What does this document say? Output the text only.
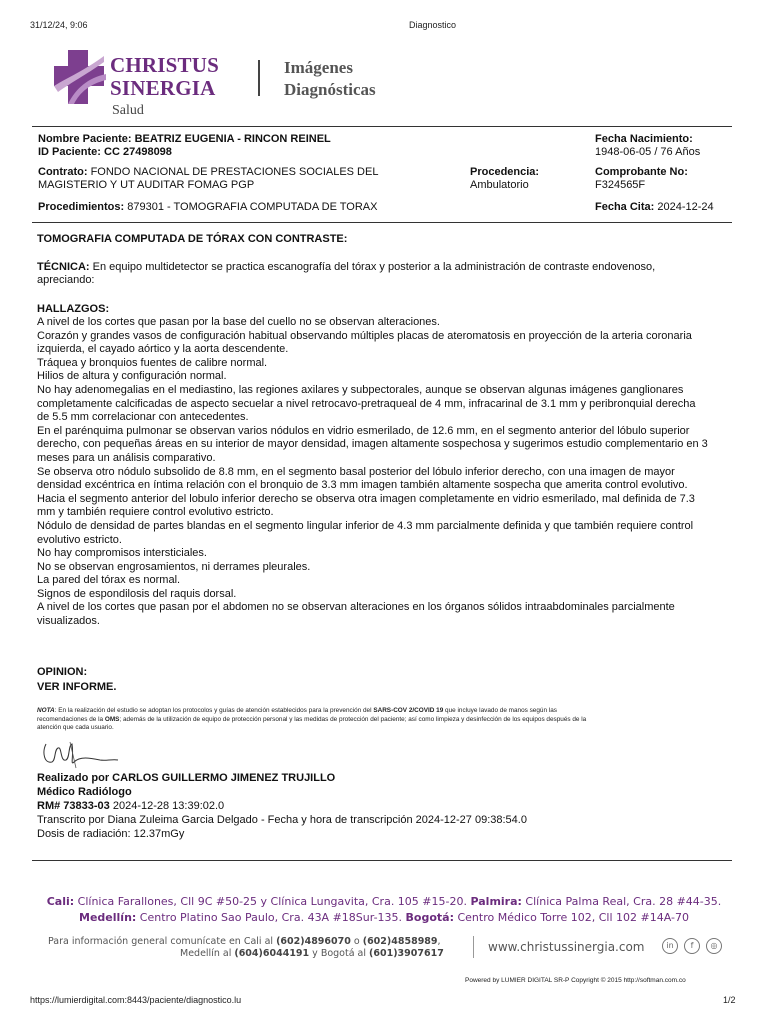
31/12/24, 9:06	Diagnostico
CHRISTUS
SINERGIA
Salud
Imágenes
Diagnósticas
Nombre Paciente: BEATRIZ EUGENIA - RINCON REINEL
ID Paciente: CC 27498098
Fecha Nacimiento:
1948-06-05 / 76 Años
Contrato: FONDO NACIONAL DE PRESTACIONES SOCIALES DEL
MAGISTERIO Y UT AUDITAR FOMAG PGP
Procedencia:
Ambulatorio
Comprobante No:
F324565F
Procedimientos: 879301 - TOMOGRAFIA COMPUTADA DE TORAX	Fecha Cita: 2024-12-24
TOMOGRAFIA COMPUTADA DE TÓRAX CON CONTRASTE:
TÉCNICA: En equipo multidetector se practica escanografía del tórax y posterior a la administración de contraste endovenoso,
apreciando:
HALLAZGOS:

A nivel de los cortes que pasan por la base del cuello no se observan alteraciones.

Corazón y grandes vasos de configuración habitual observando múltiples placas de ateromatosis en proyección de la arteria coronaria

izquierda, el cayado aórtico y la aorta descendente.

Tráquea y bronquios fuentes de calibre normal.

Hilios de altura y configuración normal.

No hay adenomegalias en el mediastino, las regiones axilares y subpectorales, aunque se observan algunas imágenes ganglionares

completamente calcificadas de aspecto secuelar a nivel retrocavo-pretraqueal de 4 mm, infracarinal de 3.1 mm y peribronquial derecha

de 5.5 mm correlacionar con antecedentes.

En el parénquima pulmonar se observan varios nódulos en vidrio esmerilado, de 12.6 mm, en el segmento anterior del lóbulo superior

derecho, con pequeñas áreas en su interior de mayor densidad, imagen altamente sospechosa y sugerimos estudio complementario en 3

meses para un análisis comparativo.

Se observa otro nódulo subsolido de 8.8 mm, en el segmento basal posterior del lóbulo inferior derecho, con una imagen de mayor

densidad excéntrica en íntima relación con el bronquio de 3.3 mm imagen también altamente sospecha que amerita control evolutivo.

Hacia el segmento anterior del lobulo inferior derecho se observa otra imagen completamente en vidrio esmerilado, mal definida de 7.3

mm y también requiere control evolutivo estricto.

Nódulo de densidad de partes blandas en el segmento lingular inferior de 4.3 mm parcialmente definida y que también requiere control

evolutivo estricto.

No hay compromisos intersticiales.

No se observan engrosamientos, ni derrames pleurales.

La pared del tórax es normal.

Signos de espondilosis del raquis dorsal.

A nivel de los cortes que pasan por el abdomen no se observan alteraciones en los órganos sólidos intraabdominales parcialmente

visualizados.

OPINION:
VER INFORME.

NOTA: En la realización del estudio se adoptan los protocolos y guías de atención establecidos para la prevención del SARS-COV 2/COVID 19 que incluye lavado de manos según las

recomendaciones de la OMS; además de la utilización de equipo de protección personal y las medidas de protección del paciente; así como limpieza y desinfección de los equipos después de la

atención que cada usuario.

Realizado por CARLOS GUILLERMO JIMENEZ TRUJILLO
Médico Radiólogo
RM# 73833-03 2024-12-28 13:39:02.0
Transcrito por Diana Zuleima Garcia Delgado - Fecha y hora de transcripción 2024-12-27 09:38:54.0
Dosis de radiación: 12.37mGy
Cali: Clínica Farallones, Cll 9C #50-25 y Clínica Lungavita, Cra. 105 #15-20. Palmira: Clínica Palma Real, Cra. 28 #44-35.
Medellín: Centro Platino Sao Paulo, Cra. 43A #18Sur-135. Bogotá: Centro Médico Torre 102, Cll 102 #14A-70
Para información general comunícate en Cali al (602)4896070 o (602)4858989,
Medellín al (604)6044191 y Bogotá al (601)3907617	www.christussinergia.com	in	f	◎
Powered by LUMIER DIGITAL SR-P Copyright © 2015 http://softman.com.co
https://lumierdigital.com:8443/paciente/diagnostico.lu	1/2
